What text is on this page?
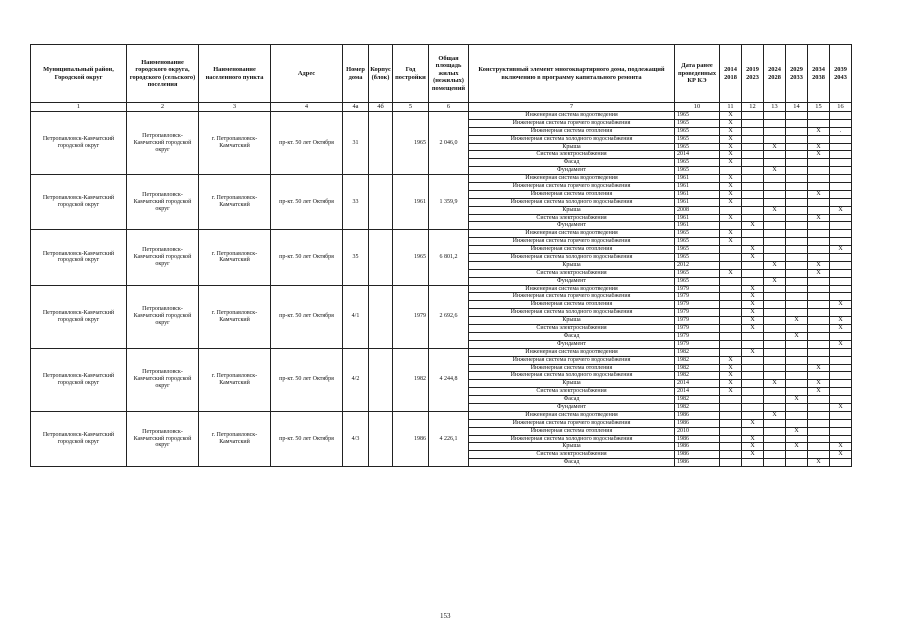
Муниципальный район, Городской округ	Наименование городского округа, городского (сельского) поселения	Наименование населенного пункта	Адрес	Номер дома	Корпус (блок)	Год постройки	Общая площадь жилых (нежилых) помещений	Конструктивный элемент многоквартирного дома, подлежащий включению в программу капитального ремонта	Дата ранее проведенных КР КЭ	2014 2018	2019 2023	2024 2028	2029 2033	2034 2038	2039 2043
1	2	3	4	4а	4б	5	6	7	10	11	12	13	14	15	16
Петропавловск-Камчатский городской округ	Петропавловск-Камчатский городской округ	г. Петропавловск-Камчатский	пр-кт. 50 лет Октября	31		1965	2 046,0	Инженерная система водоотведения	1965	X					
								Инженерная система горячего водоснабжения	1965	X					
								Инженерная система отопления	1965	X				X	.
								Инженерная система холодного водоснабжения	1965	X					
								Крыша	1965	X		X		X	
								Система электроснабжения	2014	X				X	
								Фасад	1965	X					
								Фундамент	1965			X			
Петропавловск-Камчатский городской округ	Петропавловск-Камчатский городской округ	г. Петропавловск-Камчатский	пр-кт. 50 лет Октября	33		1961	1 359,9	Инженерная система водоотведения	1961	X					
								Инженерная система горячего водоснабжения	1961	X					
								Инженерная система отопления	1961	X				X	
								Инженерная система холодного водоснабжения	1961	X					
								Крыша	2008			X			X
								Система электроснабжения	1961	X				X	
								Фундамент	1961		X				
Петропавловск-Камчатский городской округ	Петропавловск-Камчатский городской округ	г. Петропавловск-Камчатский	пр-кт. 50 лет Октября	35		1965	6 801,2	Инженерная система водоотведения	1965	X					
								Инженерная система горячего водоснабжения	1965	X					
								Инженерная система отопления	1965		X				X
								Инженерная система холодного водоснабжения	1965		X				
								Крыша	2012			X		X	
								Система электроснабжения	1965	X				X	
								Фундамент	1965			X			
Петропавловск-Камчатский городской округ	Петропавловск-Камчатский городской округ	г. Петропавловск-Камчатский	пр-кт. 50 лет Октября	4/1		1979	2 692,6	Инженерная система водоотведения	1979		X				
								Инженерная система горячего водоснабжения	1979		X				
								Инженерная система отопления	1979		X				X
								Инженерная система холодного водоснабжения	1979		X				
								Крыша	1979		X		X		X
								Система электроснабжения	1979		X				X
								Фасад	1979				X		
								Фундамент	1979						X
Петропавловск-Камчатский городской округ	Петропавловск-Камчатский городской округ	г. Петропавловск-Камчатский	пр-кт. 50 лет Октября	4/2		1982	4 244,8	Инженерная система водоотведения	1982		X				
								Инженерная система горячего водоснабжения	1982	X					
								Инженерная система отопления	1982	X				X	
								Инженерная система холодного водоснабжения	1982	X					
								Крыша	2014	X		X		X	
								Система электроснабжения	2014	X				X	
								Фасад	1982				X		
								Фундамент	1982						X
Петропавловск-Камчатский городской округ	Петропавловск-Камчатский городской округ	г. Петропавловск-Камчатский	пр-кт. 50 лет Октября	4/3		1986	4 226,1	Инженерная система водоотведения	1986			X			
								Инженерная система горячего водоснабжения	1986		X				
								Инженерная система отопления	2010				X		
								Инженерная система холодного водоснабжения	1986		X				
								Крыша	1986		X		X		X
								Система электроснабжения	1986		X				X
								Фасад	1986					X	
153
